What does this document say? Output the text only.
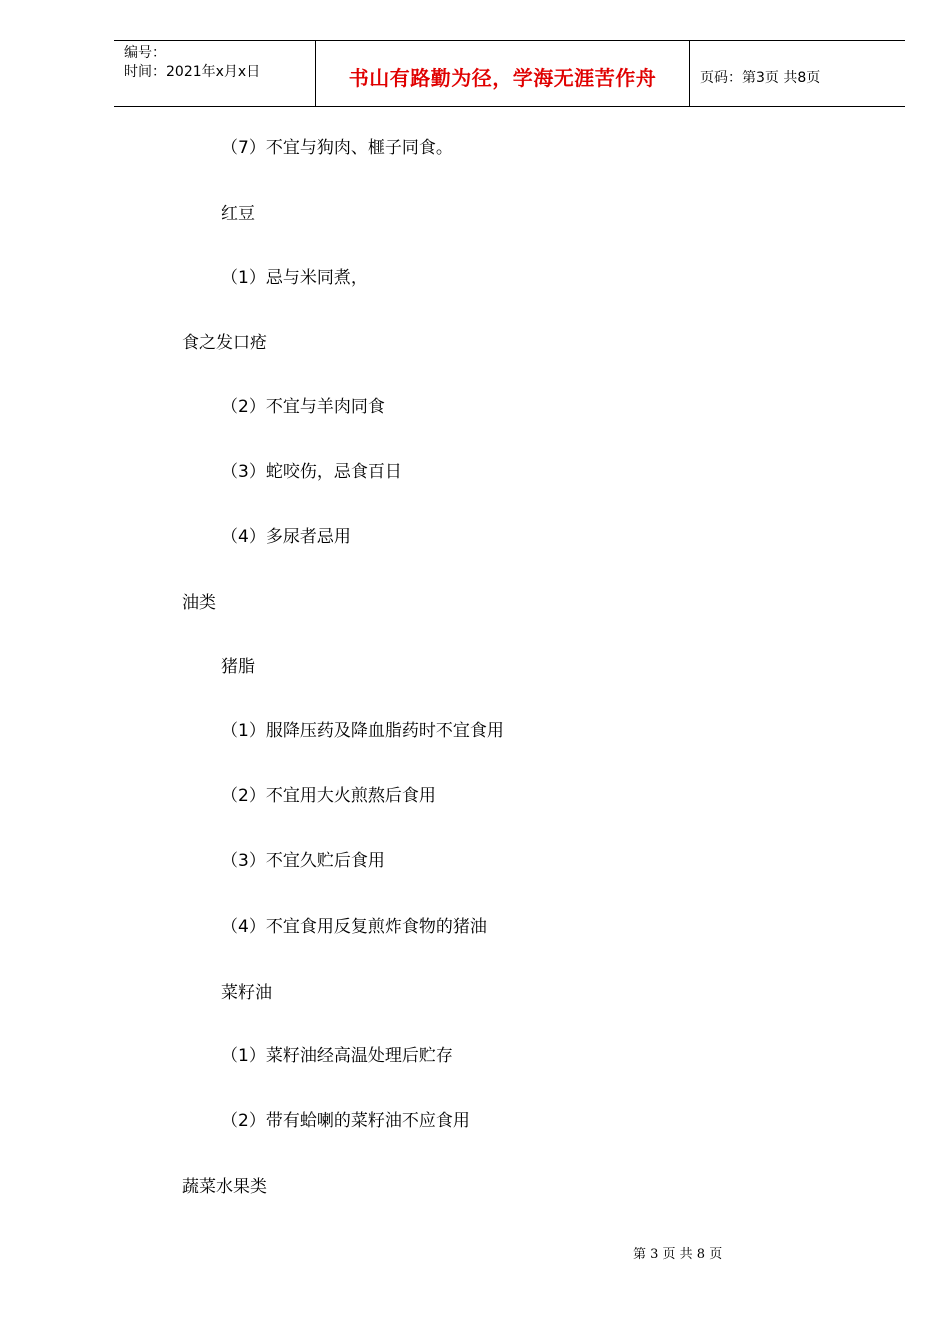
编号：
时间：2021年x月x日	书山有路勤为径，学海无涯苦作舟	页码：第3页 共8页
（7）不宜与狗肉、榧子同食。
红豆
（1）忌与米同煮，
食之发口疮
（2）不宜与羊肉同食
（3）蛇咬伤，忌食百日
（4）多尿者忌用
油类
猪脂
（1）服降压药及降血脂药时不宜食用
（2）不宜用大火煎熬后食用
（3）不宜久贮后食用
（4）不宜食用反复煎炸食物的猪油
菜籽油
（1）菜籽油经高温处理后贮存
（2）带有蛤喇的菜籽油不应食用
蔬菜水果类
第 3 页 共 8 页
